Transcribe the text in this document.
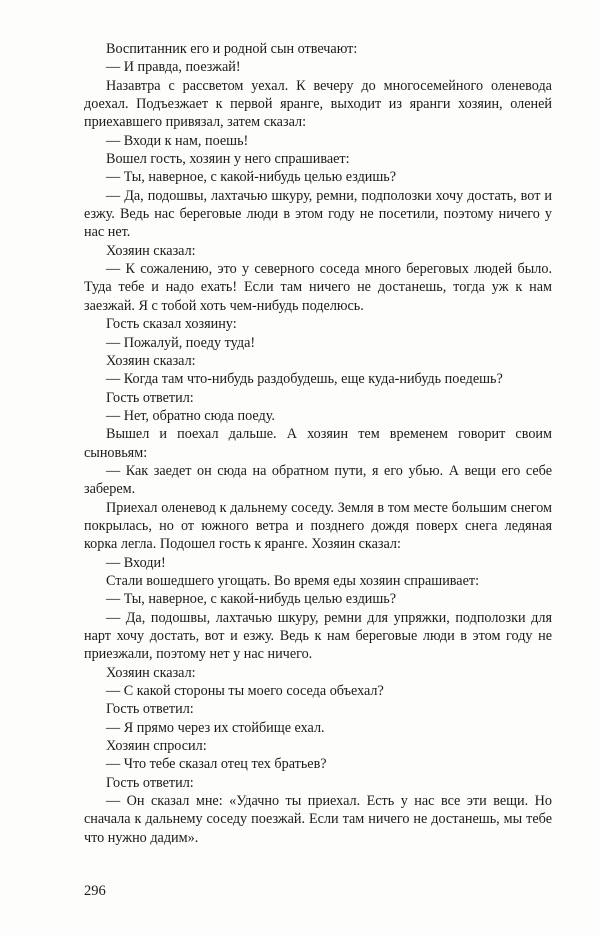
Воспитанник его и родной сын отвечают:

— И правда, поезжай!

Назавтра с рассветом уехал. К вечеру до многосемейного оленевода доехал. Подъезжает к первой яранге, выходит из яранги хозяин, оленей приехавшего привязал, затем сказал:

— Входи к нам, поешь!

Вошел гость, хозяин у него спрашивает:

— Ты, наверное, с какой-нибудь целью ездишь?

— Да, подошвы, лахтачью шкуру, ремни, подполозки хочу достать, вот и езжу. Ведь нас береговые люди в этом году не посетили, поэтому ничего у нас нет.

Хозяин сказал:

— К сожалению, это у северного соседа много береговых людей было. Туда тебе и надо ехать! Если там ничего не достанешь, тогда уж к нам заезжай. Я с тобой хоть чем-нибудь поделюсь.

Гость сказал хозяину:

— Пожалуй, поеду туда!

Хозяин сказал:

— Когда там что-нибудь раздобудешь, еще куда-нибудь поедешь?

Гость ответил:

— Нет, обратно сюда поеду.

Вышел и поехал дальше. А хозяин тем временем говорит своим сыновьям:

— Как заедет он сюда на обратном пути, я его убью. А вещи его себе заберем.

Приехал оленевод к дальнему соседу. Земля в том месте большим снегом покрылась, но от южного ветра и позднего дождя поверх снега ледяная корка легла. Подошел гость к яранге. Хозяин сказал:

— Входи!

Стали вошедшего угощать. Во время еды хозяин спрашивает:

— Ты, наверное, с какой-нибудь целью ездишь?

— Да, подошвы, лахтачью шкуру, ремни для упряжки, подполозки для нарт хочу достать, вот и езжу. Ведь к нам береговые люди в этом году не приезжали, поэтому нет у нас ничего.

Хозяин сказал:

— С какой стороны ты моего соседа объехал?

Гость ответил:

— Я прямо через их стойбище ехал.

Хозяин спросил:

— Что тебе сказал отец тех братьев?

Гость ответил:

— Он сказал мне: «Удачно ты приехал. Есть у нас все эти вещи. Но сначала к дальнему соседу поезжай. Если там ничего не достанешь, мы тебе что нужно дадим».

296
